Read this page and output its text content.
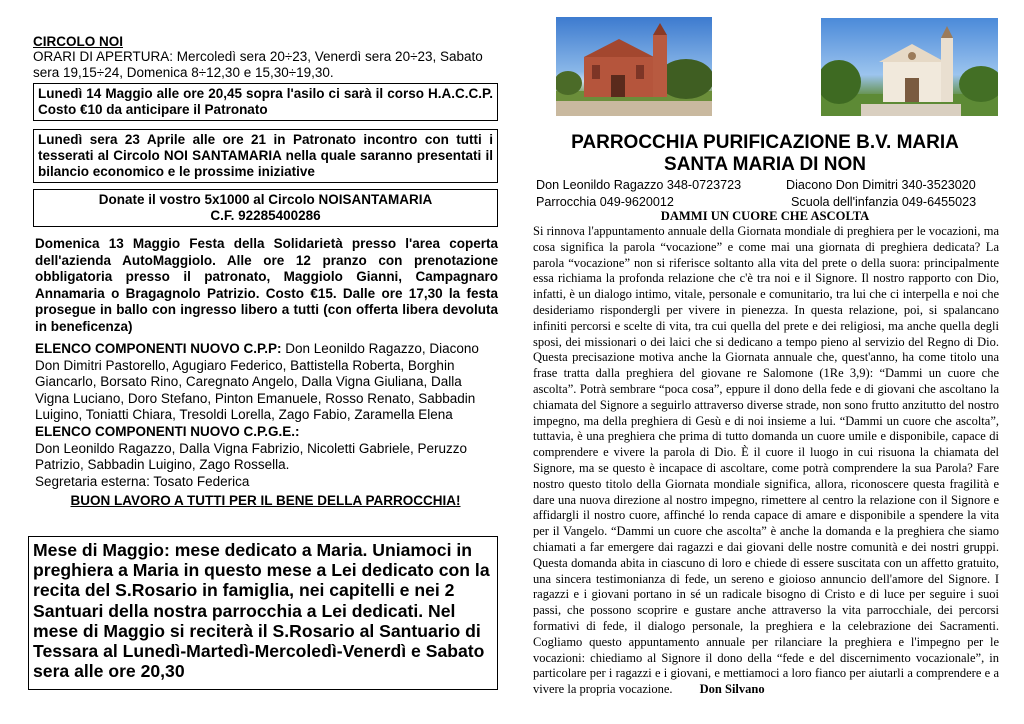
CIRCOLO NOI
ORARI DI APERTURA: Mercoledì sera 20÷23, Venerdì sera 20÷23, Sabato sera 19,15÷24, Domenica 8÷12,30 e 15,30÷19,30.
Lunedì 14 Maggio alle ore 20,45 sopra l'asilo ci sarà il corso H.A.C.C.P. Costo €10 da anticipare il Patronato
Lunedì sera 23 Aprile alle ore 21 in Patronato incontro con tutti i tesserati al Circolo NOI SANTAMARIA nella quale saranno presentati il bilancio economico e le prossime iniziative
Donate il vostro 5x1000 al Circolo NOISANTAMARIA
C.F. 92285400286
Domenica 13 Maggio Festa della Solidarietà presso l'area coperta dell'azienda AutoMaggiolo. Alle ore 12 pranzo con prenotazione obbligatoria presso il patronato, Maggiolo Gianni, Campagnaro Annamaria o Bragagnolo Patrizio. Costo €15. Dalle ore 17,30 la festa prosegue in ballo con ingresso libero a tutti (con offerta libera devoluta in beneficenza)
ELENCO COMPONENTI NUOVO C.P.P: Don Leonildo Ragazzo, Diacono Don Dimitri Pastorello, Agugiaro Federico, Battistella Roberta, Borghin Giancarlo, Borsato Rino, Caregnato Angelo, Dalla Vigna Giuliana, Dalla Vigna Luciano, Doro Stefano, Pinton Emanuele, Rosso Renato, Sabbadin Luigino, Toniatti Chiara, Tresoldi Lorella, Zago Fabio, Zaramella Elena
ELENCO COMPONENTI NUOVO C.P.G.E.:
Don Leonildo Ragazzo, Dalla Vigna Fabrizio, Nicoletti Gabriele, Peruzzo Patrizio, Sabbadin Luigino, Zago Rossella.
Segretaria esterna: Tosato Federica
BUON LAVORO A TUTTI PER IL BENE DELLA PARROCCHIA!
Mese di Maggio: mese dedicato a Maria. Uniamoci in preghiera a Maria in questo mese a Lei dedicato con la recita del S.Rosario in famiglia, nei capitelli e nei 2 Santuari della nostra parrocchia a Lei dedicati. Nel mese di Maggio si reciterà il S.Rosario al Santuario di Tessara al Lunedì-Martedì-Mercoledì-Venerdì e Sabato sera alle ore 20,30
PARROCCHIA PURIFICAZIONE B.V. MARIA
SANTA MARIA DI NON
Don Leonildo Ragazzo 348-0723723	Diacono Don Dimitri 340-3523020
Parrocchia 049-9620012	Scuola dell'infanzia 049-6455023
DAMMI UN CUORE CHE ASCOLTA
Si rinnova l'appuntamento annuale della Giornata mondiale di preghiera per le vocazioni, ma cosa significa la parola “vocazione” e come mai una giornata di preghiera dedicata? La parola “vocazione” non si riferisce soltanto alla vita del prete o della suora: principalmente essa richiama la profonda relazione che c'è tra noi e il Signore. Il nostro rapporto con Dio, infatti, è un dialogo intimo, vitale, personale e comunitario, tra lui che ci interpella e noi che desideriamo rispondergli per vivere in pienezza. In questa relazione, poi, si spalancano infiniti percorsi e scelte di vita, tra cui quella del prete e dei religiosi, ma anche quella degli sposi, dei missionari o dei laici che si dedicano a tempo pieno al servizio del Regno di Dio. Questa precisazione motiva anche la Giornata annuale che, quest'anno, ha come titolo una frase tratta dalla preghiera del giovane re Salomone (1Re 3,9): “Dammi un cuore che ascolta”. Potrà sembrare “poca cosa”, eppure il dono della fede e di giovani che ascoltano la chiamata del Signore a seguirlo attraverso diverse strade, non sono frutto anzitutto del nostro impegno, ma della preghiera di Gesù e di noi insieme a lui. “Dammi un cuore che ascolta”, tuttavia, è una preghiera che prima di tutto domanda un cuore umile e disponibile, capace di comprendere e vivere la parola di Dio. È il cuore il luogo in cui risuona la chiamata del Signore, ma se questo è incapace di ascoltare, come potrà comprendere la sua Parola? Fare nostro questo titolo della Giornata mondiale significa, allora, riconoscere questa fragilità e dare una nuova direzione al nostro impegno, rimettere al centro la relazione con il Signore e affidargli il nostro cuore, affinché lo renda capace di amare e disponibile a spendere la vita per il Vangelo. “Dammi un cuore che ascolta” è anche la domanda e la preghiera che siamo chiamati a far emergere dai ragazzi e dai giovani delle nostre comunità e dei nostri gruppi. Questa domanda abita in ciascuno di loro e chiede di essere suscitata con un affetto gratuito, una sincera testimonianza di fede, un sereno e gioioso annuncio dell'amore del Signore. I ragazzi e i giovani portano in sé un radicale bisogno di Cristo e di luce per seguire i suoi passi, che possono scoprire e gustare anche attraverso la vita parrocchiale, dei percorsi formativi di fede, il dialogo personale, la preghiera e la celebrazione dei Sacramenti. Cogliamo questo appuntamento annuale per rilanciare la preghiera e l'impegno per le vocazioni: chiediamo al Signore il dono della “fede e del discernimento vocazionale”, in particolare per i ragazzi e i giovani, e mettiamoci a loro fianco per aiutarli a comprendere e a vivere la propria vocazione. Don Silvano
